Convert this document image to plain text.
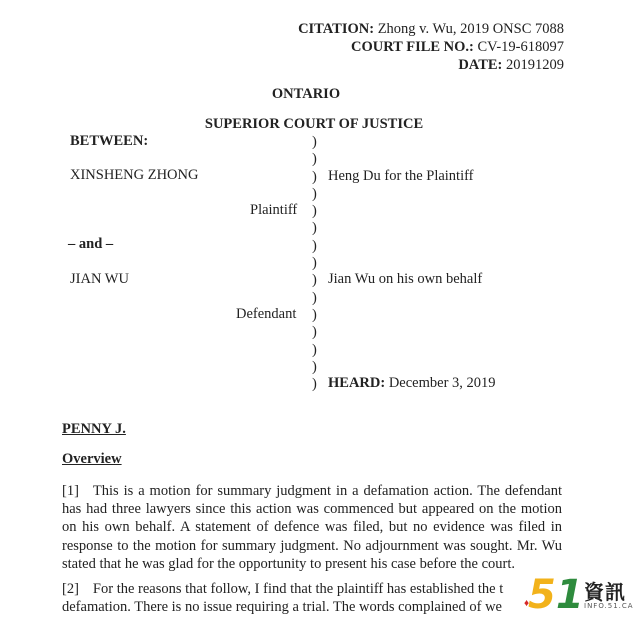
CITATION: Zhong v. Wu, 2019 ONSC 7088
COURT FILE NO.: CV-19-618097
DATE: 20191209
ONTARIO
SUPERIOR COURT OF JUSTICE
BETWEEN:
XINSHENG ZHONG
Plaintiff
– and –
JIAN WU
Defendant
)
)
)
)
)
)
)
)
)
)
)
)
)
)
)
Heng Du for the Plaintiff
Jian Wu on his own behalf
HEARD: December 3, 2019
PENNY J.
Overview
[1] This is a motion for summary judgment in a defamation action. The defendant has had three lawyers since this action was commenced but appeared on the motion on his own behalf. A statement of defence was filed, but no evidence was filed in response to the motion for summary judgment. No adjournment was sought. Mr. Wu stated that he was glad for the opportunity to present his case before the court.
[2] For the reasons that follow, I find that the plaintiff has established the t defamation. There is no issue requiring a trial. The words complained of we 51
♦	資訊
INFO.51.CA
